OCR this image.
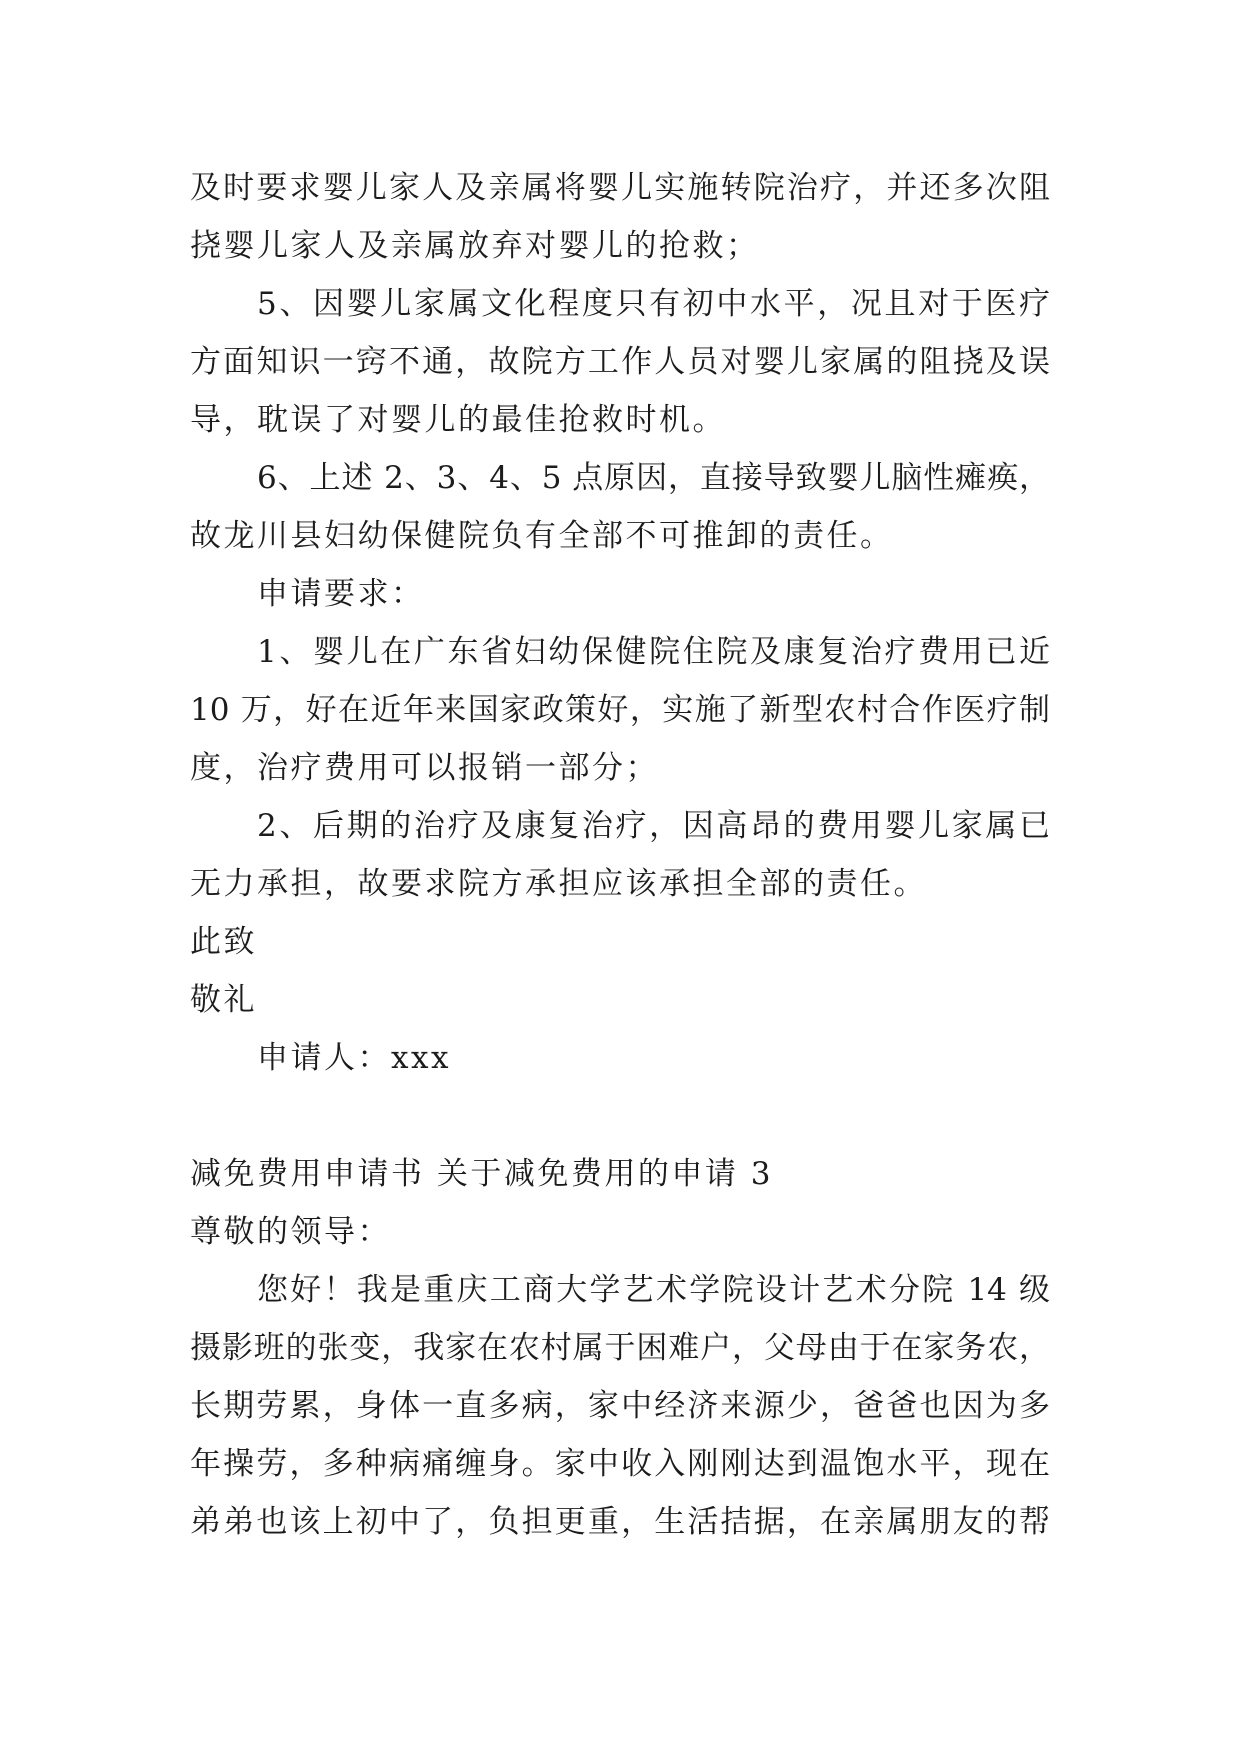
及时要求婴儿家人及亲属将婴儿实施转院治疗，并还多次阻

挠婴儿家人及亲属放弃对婴儿的抢救；

5、因婴儿家属文化程度只有初中水平，况且对于医疗

方面知识一窍不通，故院方工作人员对婴儿家属的阻挠及误

导，耽误了对婴儿的最佳抢救时机。

6、上述 2、3、4、5 点原因，直接导致婴儿脑性瘫痪，

故龙川县妇幼保健院负有全部不可推卸的责任。

申请要求：

1、婴儿在广东省妇幼保健院住院及康复治疗费用已近

10 万，好在近年来国家政策好，实施了新型农村合作医疗制

度，治疗费用可以报销一部分；

2、后期的治疗及康复治疗，因高昂的费用婴儿家属已

无力承担，故要求院方承担应该承担全部的责任。

此致

敬礼

申请人：xxx

减免费用申请书 关于减免费用的申请 3

尊敬的领导：

您好！我是重庆工商大学艺术学院设计艺术分院 14 级

摄影班的张变，我家在农村属于困难户，父母由于在家务农，

长期劳累，身体一直多病，家中经济来源少，爸爸也因为多

年操劳，多种病痛缠身。家中收入刚刚达到温饱水平，现在

弟弟也该上初中了，负担更重，生活拮据，在亲属朋友的帮
